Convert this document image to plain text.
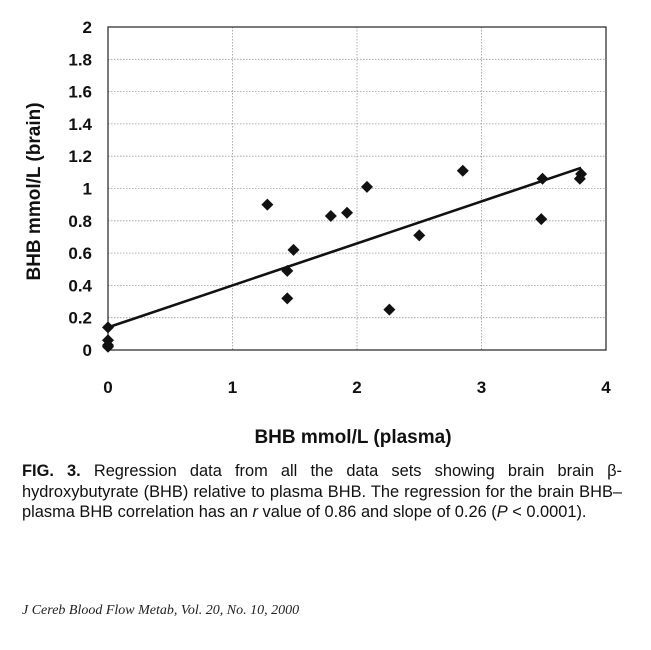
0
0.2
0.4
0.6
0.8
1
1.2
1.4
1.6
1.8
2
0	1	2	3	4
BHB mmol/L (plasma)
BHB mmol/L (brain)

FIG. 3. Regression data from all the data sets showing brain brain β-hydroxybutyrate (BHB) relative to plasma BHB. The regression for the brain BHB–plasma BHB correlation has an r value of 0.86 and slope of 0.26 (P < 0.0001).

J Cereb Blood Flow Metab, Vol. 20, No. 10, 2000
